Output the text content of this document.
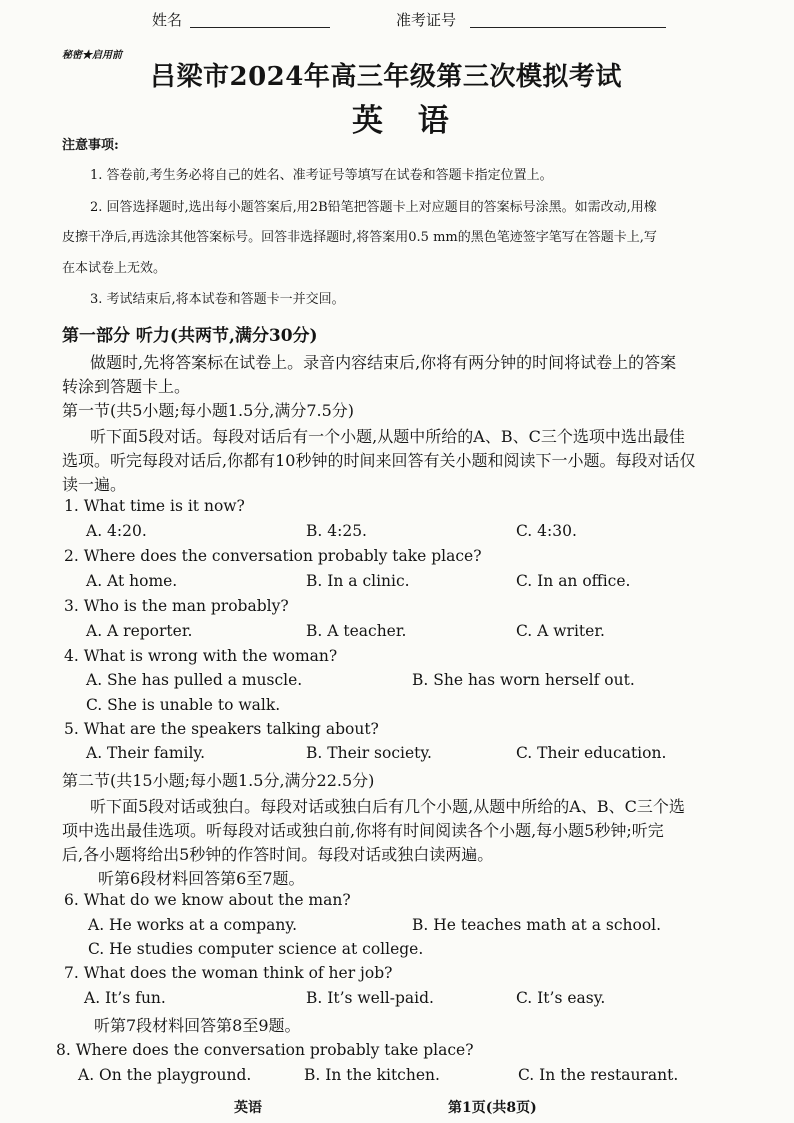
姓名	准考证号
秘密★启用前
吕梁市2024年高三年级第三次模拟考试
英 语
注意事项:
1. 答卷前,考生务必将自己的姓名、准考证号等填写在试卷和答题卡指定位置上。
2. 回答选择题时,选出每小题答案后,用2B铅笔把答题卡上对应题目的答案标号涂黑。如需改动,用橡
皮擦干净后,再选涂其他答案标号。回答非选择题时,将答案用0.5 mm的黑色笔迹签字笔写在答题卡上,写
在本试卷上无效。
3. 考试结束后,将本试卷和答题卡一并交回。
第一部分 听力(共两节,满分30分)
做题时,先将答案标在试卷上。录音内容结束后,你将有两分钟的时间将试卷上的答案
转涂到答题卡上。
第一节(共5小题;每小题1.5分,满分7.5分)
听下面5段对话。每段对话后有一个小题,从题中所给的A、B、C三个选项中选出最佳
选项。听完每段对话后,你都有10秒钟的时间来回答有关小题和阅读下一小题。每段对话仅
读一遍。
1. What time is it now?
A. 4:20.	B. 4:25.	C. 4:30.
2. Where does the conversation probably take place?
A. At home.	B. In a clinic.	C. In an office.
3. Who is the man probably?
A. A reporter.	B. A teacher.	C. A writer.
4. What is wrong with the woman?
A. She has pulled a muscle.	B. She has worn herself out.
C. She is unable to walk.
5. What are the speakers talking about?
A. Their family.	B. Their society.	C. Their education.
第二节(共15小题;每小题1.5分,满分22.5分)
听下面5段对话或独白。每段对话或独白后有几个小题,从题中所给的A、B、C三个选
项中选出最佳选项。听每段对话或独白前,你将有时间阅读各个小题,每小题5秒钟;听完
后,各小题将给出5秒钟的作答时间。每段对话或独白读两遍。
听第6段材料回答第6至7题。
6. What do we know about the man?
A. He works at a company.	B. He teaches math at a school.
C. He studies computer science at college.
7. What does the woman think of her job?
A. It’s fun.	B. It’s well-paid.	C. It’s easy.
听第7段材料回答第8至9题。
8. Where does the conversation probably take place?
A. On the playground.	B. In the kitchen.	C. In the restaurant.
英语	第1页(共8页)
